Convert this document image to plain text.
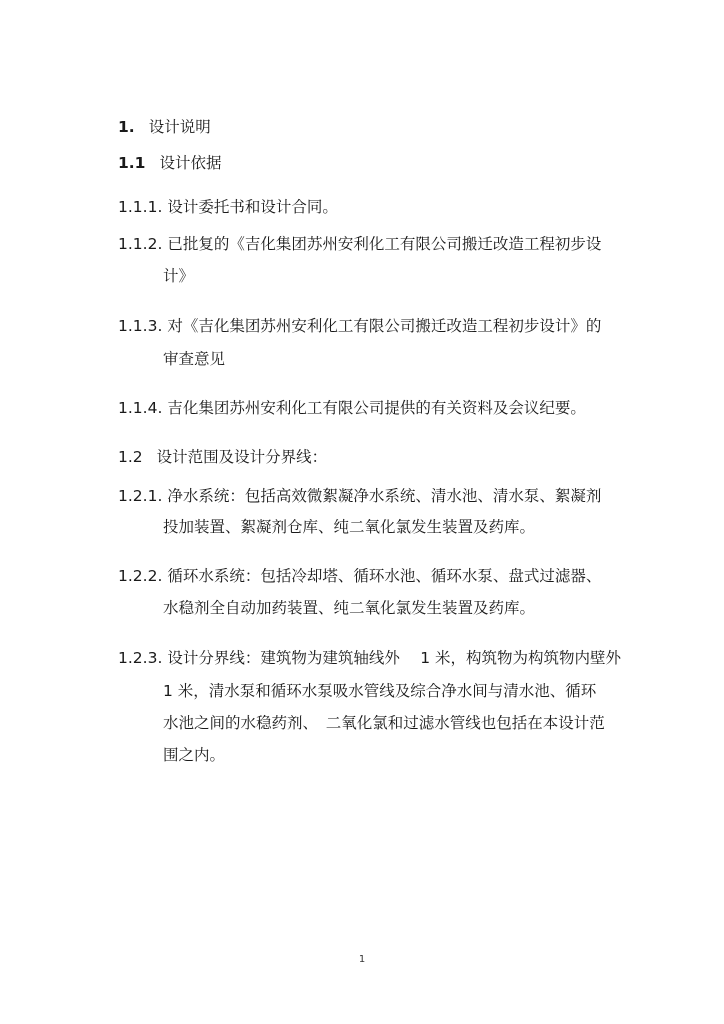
1. 设计说明
1.1 设计依据
1.1.1. 设计委托书和设计合同。
1.1.2. 已批复的《吉化集团苏州安利化工有限公司搬迁改造工程初步设
计》
1.1.3. 对《吉化集团苏州安利化工有限公司搬迁改造工程初步设计》的
审查意见
1.1.4. 吉化集团苏州安利化工有限公司提供的有关资料及会议纪要。
1.2 设计范围及设计分界线：
1.2.1. 净水系统：包括高效微絮凝净水系统、清水池、清水泵、絮凝剂
投加装置、絮凝剂仓库、纯二氧化氯发生装置及药库。
1.2.2. 循环水系统：包括冷却塔、循环水池、循环水泵、盘式过滤器、
水稳剂全自动加药装置、纯二氧化氯发生装置及药库。
1.2.3. 设计分界线：建筑物为建筑轴线外　 1 米，构筑物为构筑物内壁外
1 米，清水泵和循环水泵吸水管线及综合净水间与清水池、循环
水池之间的水稳药剂、　二氧化氯和过滤水管线也包括在本设计范
围之内。
1
